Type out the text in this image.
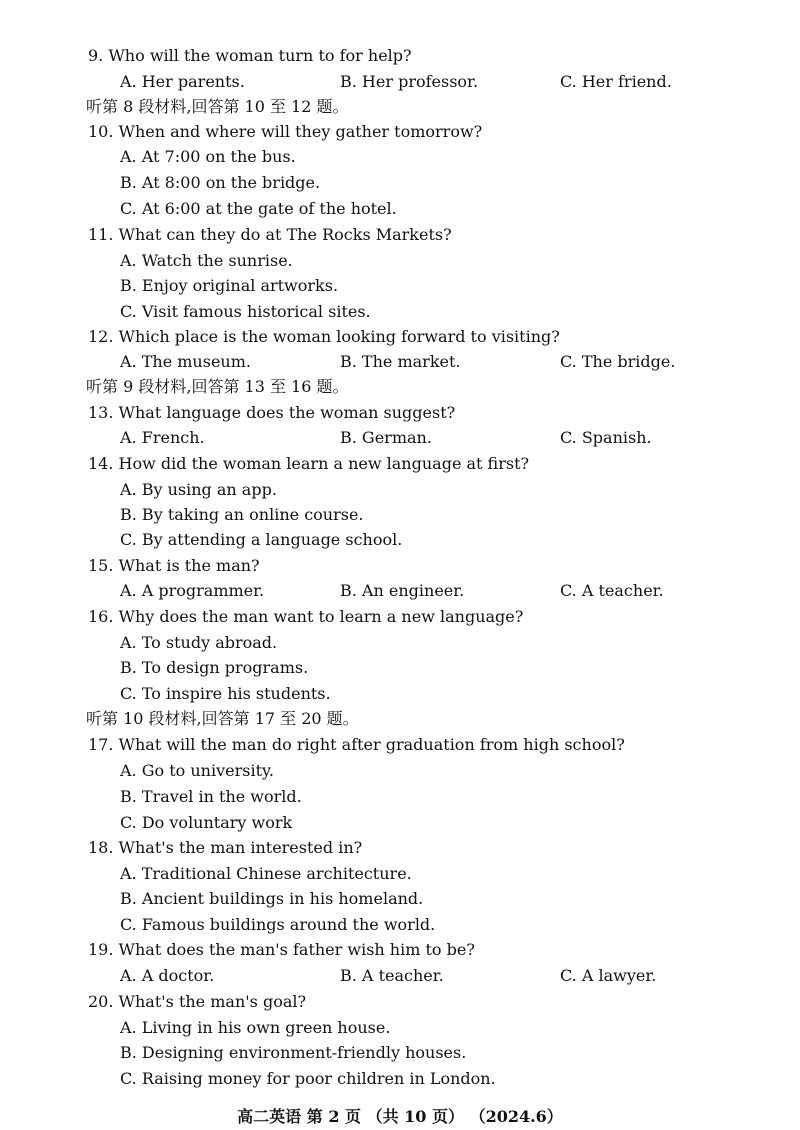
9. Who will the woman turn to for help?
A. Her parents.	B. Her professor.	C. Her friend.
听第 8 段材料,回答第 10 至 12 题。
10. When and where will they gather tomorrow?
A. At 7:00 on the bus.
B. At 8:00 on the bridge.
C. At 6:00 at the gate of the hotel.
11. What can they do at The Rocks Markets?
A. Watch the sunrise.
B. Enjoy original artworks.
C. Visit famous historical sites.
12. Which place is the woman looking forward to visiting?
A. The museum.	B. The market.	C. The bridge.
听第 9 段材料,回答第 13 至 16 题。
13. What language does the woman suggest?
A. French.	B. German.	C. Spanish.
14. How did the woman learn a new language at first?
A. By using an app.
B. By taking an online course.
C. By attending a language school.
15. What is the man?
A. A programmer.	B. An engineer.	C. A teacher.
16. Why does the man want to learn a new language?
A. To study abroad.
B. To design programs.
C. To inspire his students.
听第 10 段材料,回答第 17 至 20 题。
17. What will the man do right after graduation from high school?
A. Go to university.
B. Travel in the world.
C. Do voluntary work
18. What's the man interested in?
A. Traditional Chinese architecture.
B. Ancient buildings in his homeland.
C. Famous buildings around the world.
19. What does the man's father wish him to be?
A. A doctor.	B. A teacher.	C. A lawyer.
20. What's the man's goal?
A. Living in his own green house.
B. Designing environment-friendly houses.
C. Raising money for poor children in London.
高二英语 第 2 页 （共 10 页） （2024.6）
